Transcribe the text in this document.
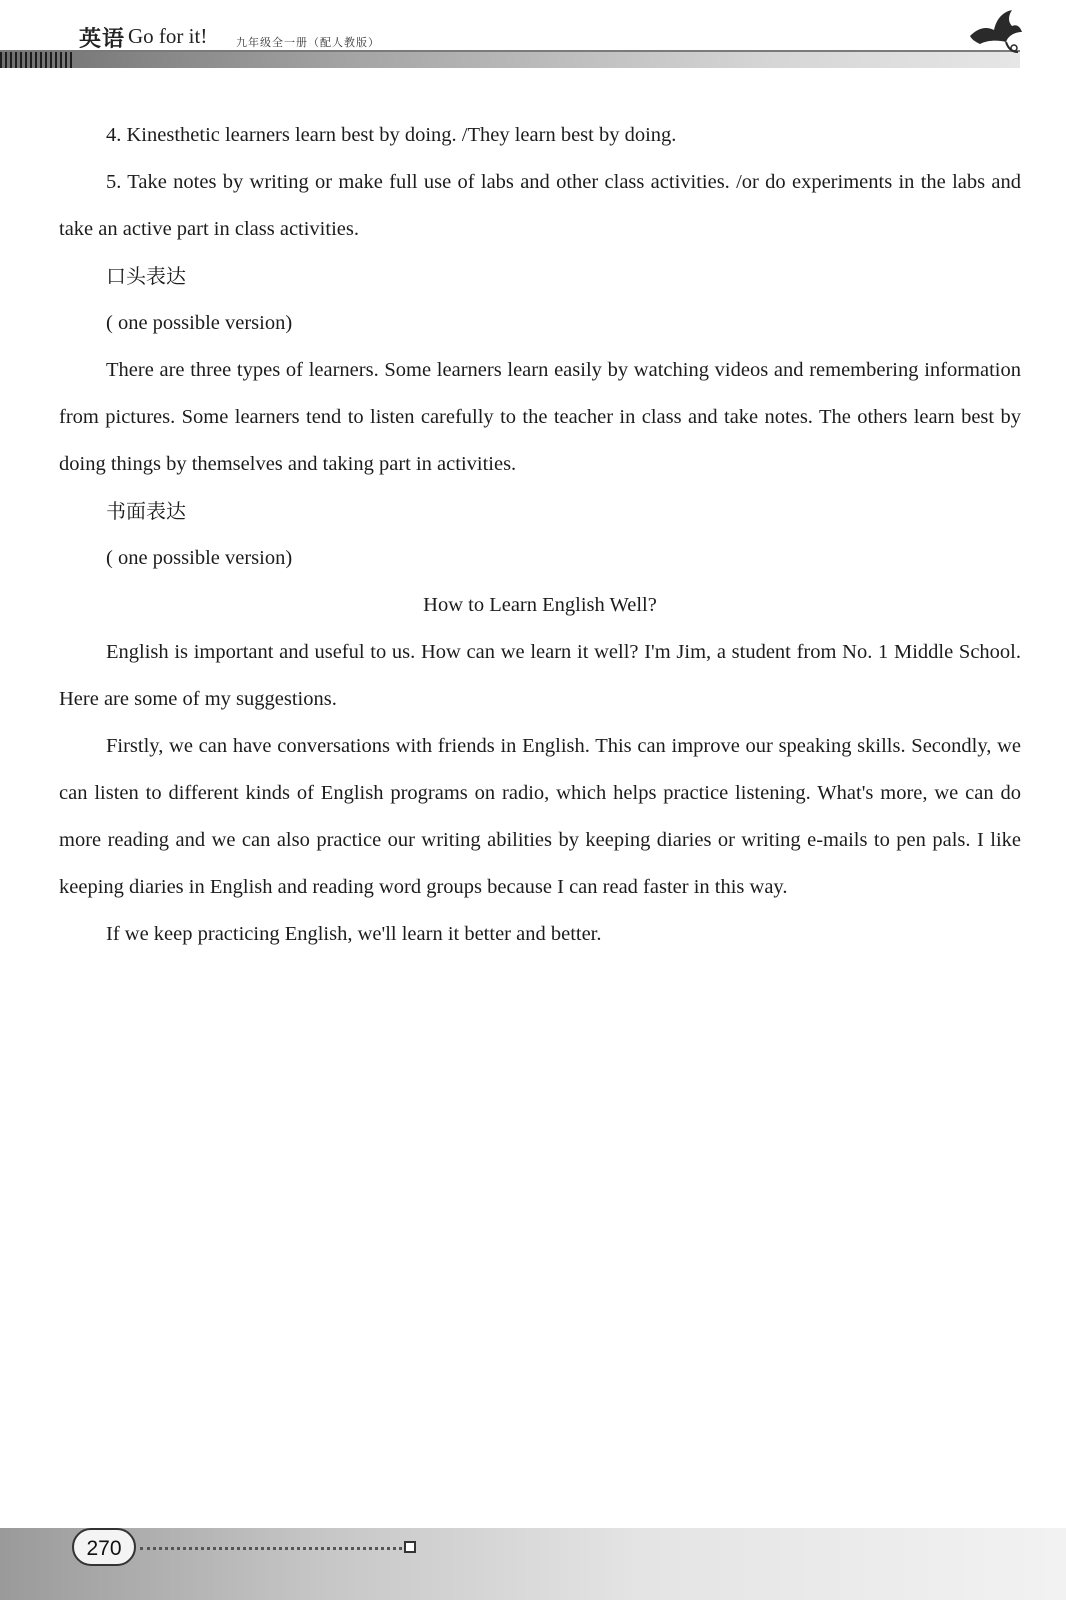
英语 Go for it!	九年级全一册（配人教版）
4. Kinesthetic learners learn best by doing. /They learn best by doing.

5. Take notes by writing or make full use of labs and other class activities. /or do experiments in the labs and take an active part in class activities.

口头表达
( one possible version)

There are three types of learners. Some learners learn easily by watching videos and remembering information from pictures. Some learners tend to listen carefully to the teacher in class and take notes. The others learn best by doing things by themselves and taking part in activities.

书面表达
( one possible version)
How to Learn English Well?

English is important and useful to us. How can we learn it well? I'm Jim, a student from No. 1 Middle School. Here are some of my suggestions.

Firstly, we can have conversations with friends in English. This can improve our speaking skills. Secondly, we can listen to different kinds of English programs on radio, which helps practice listening. What's more, we can do more reading and we can also practice our writing abilities by keeping diaries or writing e-mails to pen pals. I like keeping diaries in English and reading word groups because I can read faster in this way.

If we keep practicing English, we'll learn it better and better.

270
